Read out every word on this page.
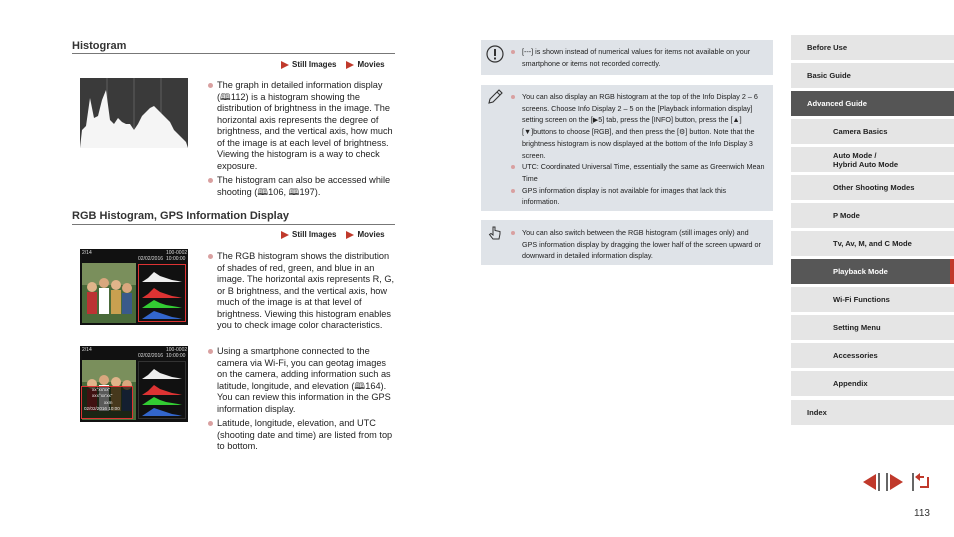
Histogram
Still Images	Movies
The graph in detailed information display (🕮112) is a histogram showing the distribution of brightness in the image. The horizontal axis represents the degree of brightness, and the vertical axis, how much of the image is at each level of brightness. Viewing the histogram is a way to check exposure.
The histogram can also be accessed while shooting (🕮106, 🕮197).
RGB Histogram, GPS Information Display
Still Images	Movies
2/14	100-0002
02/02/2016 10:00:00
2/14	100-0002
02/02/2016 10:00:00
xx°xx'xx"
xxx°xx'xx"
xxm
02/02/2016 10:00
The RGB histogram shows the distribution of shades of red, green, and blue in an image. The horizontal axis represents R, G, or B brightness, and the vertical axis, how much of the image is at that level of brightness. Viewing this histogram enables you to check image color characteristics.
Using a smartphone connected to the camera via Wi-Fi, you can geotag images on the camera, adding information such as latitude, longitude, and elevation (🕮164). You can review this information in the GPS information display.
Latitude, longitude, elevation, and UTC (shooting date and time) are listed from top to bottom.
[---] is shown instead of numerical values for items not available on your smartphone or items not recorded correctly.
You can also display an RGB histogram at the top of the Info Display 2 – 6 screens. Choose Info Display 2 – 5 on the [Playback information display] setting screen on the [▶5] tab, press the [INFO] button, press the [▲][▼]buttons to choose [RGB], and then press the [⚙] button. Note that the brightness histogram is now displayed at the bottom of the Info Display 3 screen.
UTC: Coordinated Universal Time, essentially the same as Greenwich Mean Time
GPS information display is not available for images that lack this information.
You can also switch between the RGB histogram (still images only) and GPS information display by dragging the lower half of the screen upward or downward in detailed information display.
Before Use
Basic Guide
Advanced Guide
Camera Basics
Auto Mode /
Hybrid Auto Mode
Other Shooting Modes
P Mode
Tv, Av, M, and C Mode
Playback Mode
Wi-Fi Functions
Setting Menu
Accessories
Appendix
Index
113
